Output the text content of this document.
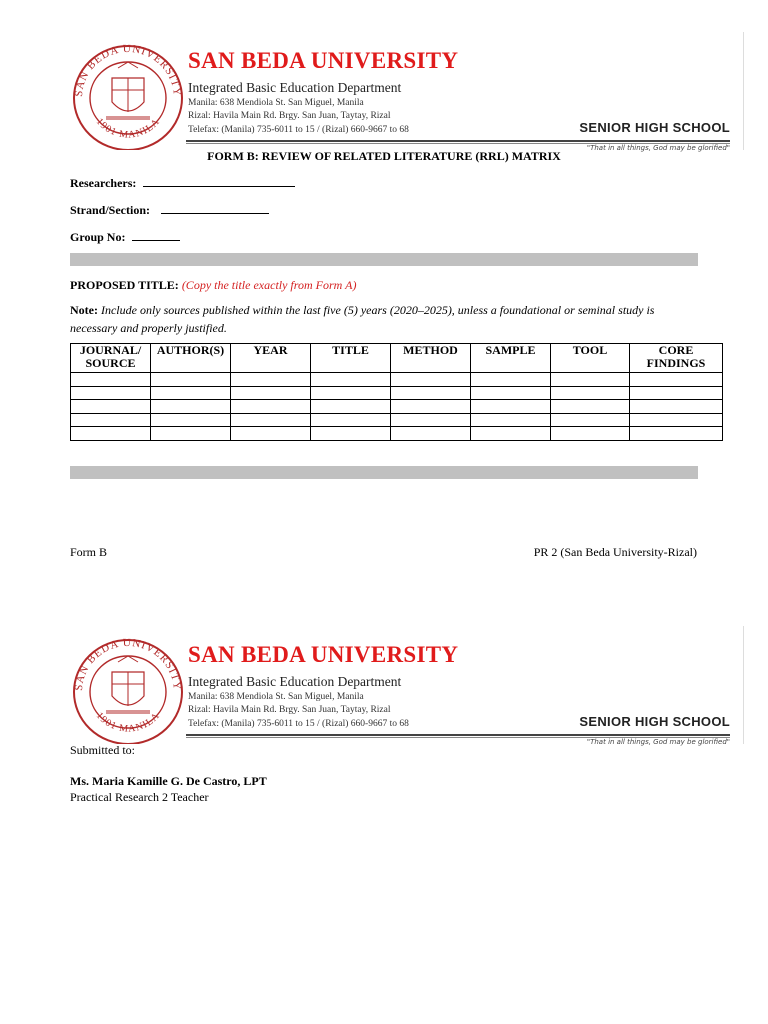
SAN BEDA UNIVERSITY
1901 MANILA
SAN BEDA UNIVERSITY
Integrated Basic Education Department
Manila: 638 Mendiola St. San Miguel, Manila
Rizal: Havila Main Rd. Brgy. San Juan, Taytay, Rizal
Telefax: (Manila) 735-6011 to 15 / (Rizal) 660-9667 to 68	SENIOR HIGH SCHOOL
"That in all things, God may be glorified"
FORM B: REVIEW OF RELATED LITERATURE (RRL) MATRIX
Researchers:
Strand/Section:
Group No:
PROPOSED TITLE: (Copy the title exactly from Form A)
Note: Include only sources published within the last five (5) years (2020–2025), unless a foundational or seminal study is necessary and properly justified.
JOURNAL/ SOURCE	AUTHOR(S)	YEAR	TITLE	METHOD	SAMPLE	TOOL	CORE FINDINGS

Form B	PR 2 (San Beda University-Rizal)
SAN BEDA UNIVERSITY
1901 MANILA
SAN BEDA UNIVERSITY
Integrated Basic Education Department
Manila: 638 Mendiola St. San Miguel, Manila
Rizal: Havila Main Rd. Brgy. San Juan, Taytay, Rizal
Telefax: (Manila) 735-6011 to 15 / (Rizal) 660-9667 to 68	SENIOR HIGH SCHOOL
"That in all things, God may be glorified"
Submitted to:
Ms. Maria Kamille G. De Castro, LPT
Practical Research 2 Teacher
